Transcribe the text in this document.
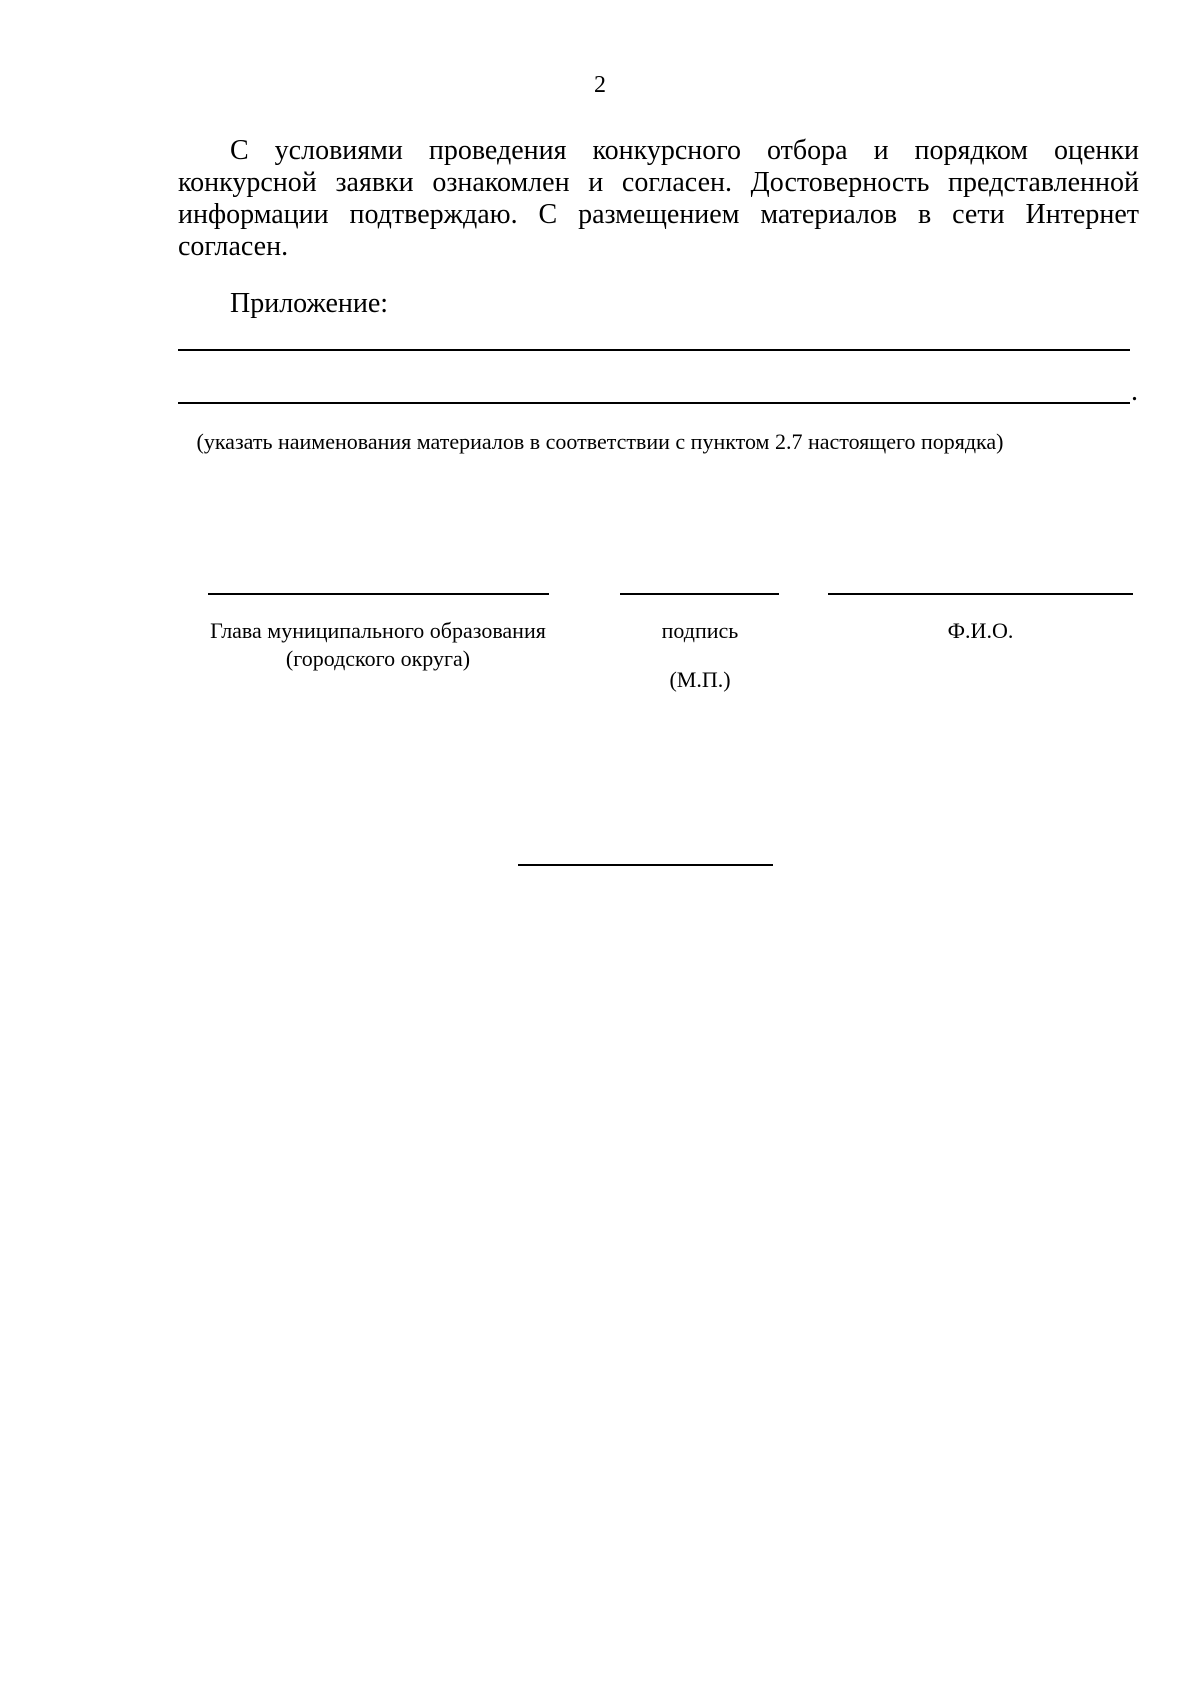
2

С условиями проведения конкурсного отбора и порядком оценки конкурсной заявки ознакомлен и согласен. Достоверность представленной информации подтверждаю. С размещением материалов в сети Интернет согласен.

Приложение:
.
(указать наименования материалов в соответствии с пунктом 2.7 настоящего порядка)
Глава муниципального образования
(городского округа)
подпись
(М.П.)
Ф.И.О.
